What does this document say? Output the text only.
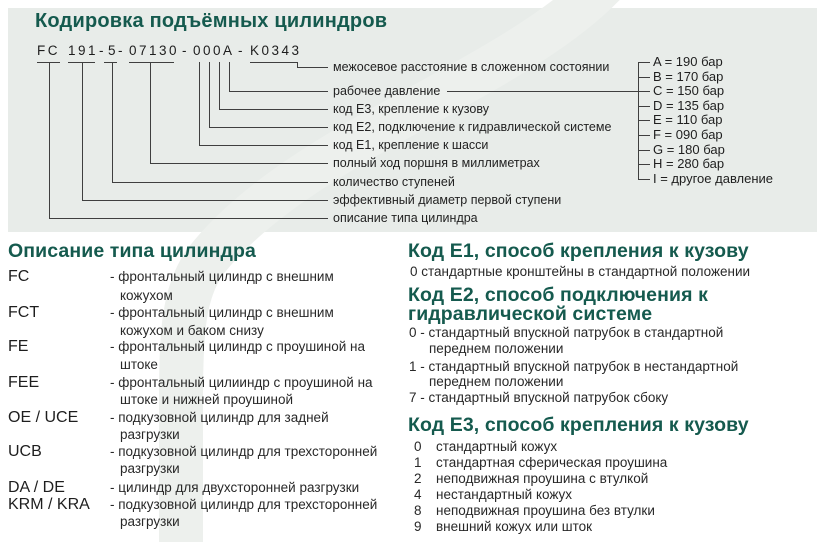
Кодировка подъёмных цилиндров
FC 191 - 5 - 07130 - 000A - K0343
межосевое расстояние в сложенном состоянии
рабочее давление
код Е3, крепление к кузову
код Е2, подключение к гидравлической системе
код Е1, крепление к шасси
полный ход поршня в миллиметрах
количество ступеней
эффективный диаметр первой ступени
описание типа цилиндра
A = 190 бар
B = 170 бар
C = 150 бар
D = 135 бар
E = 110 бар
F = 090 бар
G = 180 бар
H = 280 бар
I = другое давление
Описание типа цилиндра
FC	- фронтальный цилиндр с внешним
кожухом
FCT	- фронтальный цилиндр с внешним
кожухом и баком снизу
FE	- фронтальный цилиндр с проушиной на
штоке
FEE	- фронтальный цилииндр с проушиной на
штоке и нижней проушиной
OE / UCE - подкузовной цилиндр для задней
разгрузки
UCB	- подкузовной цилиндр для трехсторонней
разгрузки
DA / DE	- цилиндр для двухсторонней разгрузки
KRM / KRA - подкузовной цилиндр для трехсторонней
разгрузки
Код Е1, способ крепления к кузову
0 стандартные кронштейны в стандартной положении
Код Е2, способ подключения к
гидравлической системе
0 - стандартный впускной патрубок в стандартной
переднем положении
1 - стандартный впускной патрубок в нестандартной
переднем положении
7 - стандартный впускной патрубок сбоку
Код Е3, способ крепления к кузову
0 стандартный кожух
1 стандартная сферическая проушина
2 неподвижная проушина с втулкой
4 нестандартный кожух
8 неподвижная проушина без втулки
9 внешний кожух или шток
